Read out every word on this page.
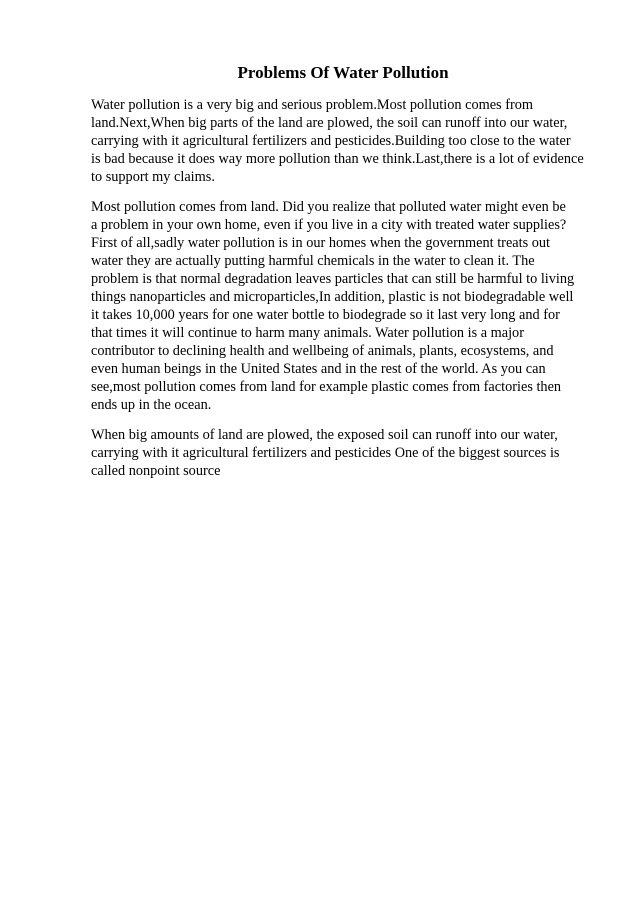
Problems Of Water Pollution

Water pollution is a very big and serious problem.Most pollution comes from

land.Next,When big parts of the land are plowed, the soil can runoff into our water,

carrying with it agricultural fertilizers and pesticides.Building too close to the water

is bad because it does way more pollution than we think.Last,there is a lot of evidence

to support my claims.

Most pollution comes from land. Did you realize that polluted water might even be

a problem in your own home, even if you live in a city with treated water supplies?

First of all,sadly water pollution is in our homes when the government treats out

water they are actually putting harmful chemicals in the water to clean it. The

problem is that normal degradation leaves particles that can still be harmful to living

things nanoparticles and microparticles,In addition, plastic is not biodegradable well

it takes 10,000 years for one water bottle to biodegrade so it last very long and for

that times it will continue to harm many animals. Water pollution is a major

contributor to declining health and wellbeing of animals, plants, ecosystems, and

even human beings in the United States and in the rest of the world. As you can

see,most pollution comes from land for example plastic comes from factories then

ends up in the ocean.

When big amounts of land are plowed, the exposed soil can runoff into our water,

carrying with it agricultural fertilizers and pesticides One of the biggest sources is

called nonpoint source
